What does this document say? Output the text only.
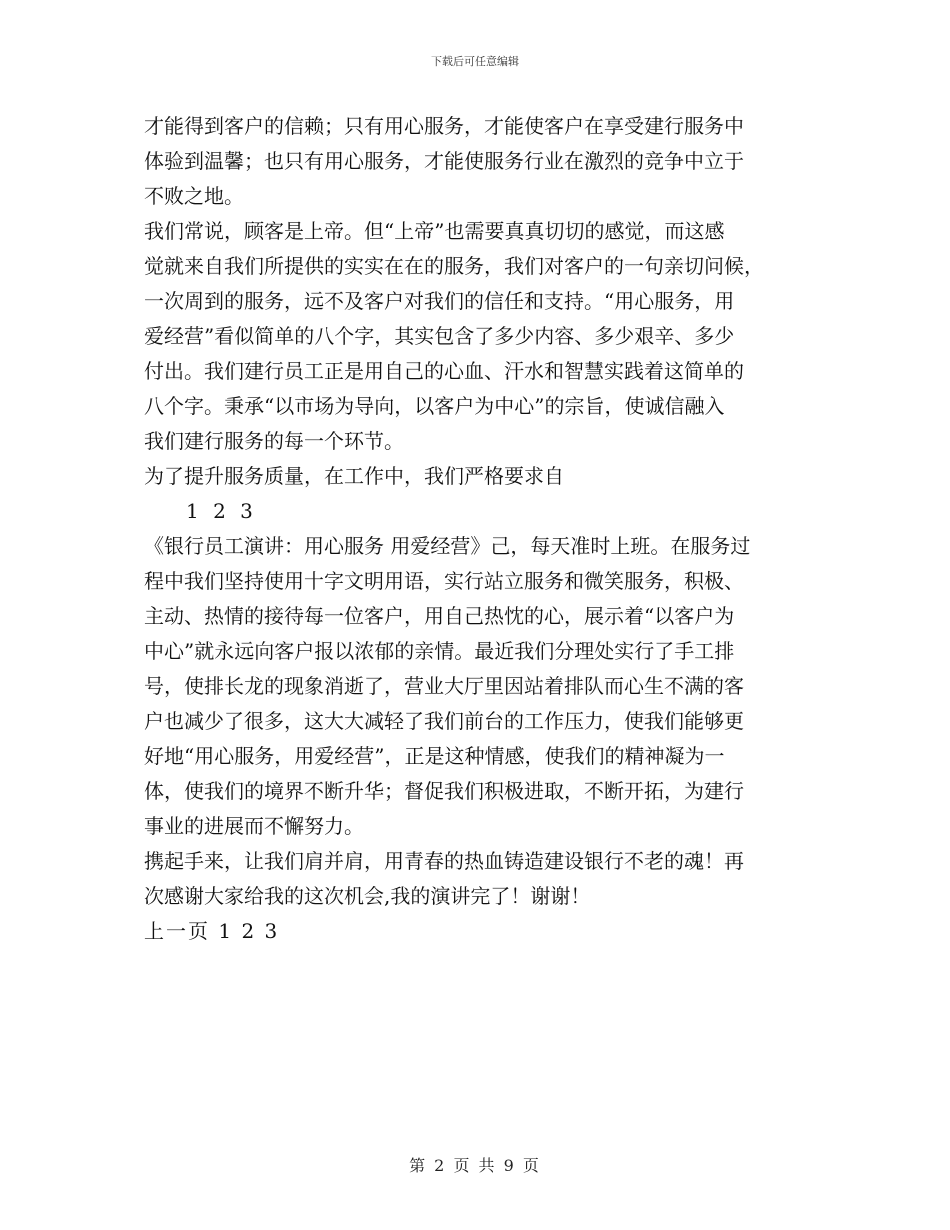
下载后可任意编辑
才能得到客户的信赖；只有用心服务，才能使客户在享受建行服务中
体验到温馨；也只有用心服务，才能使服务行业在激烈的竞争中立于
不败之地。
我们常说，顾客是上帝。但“上帝”也需要真真切切的感觉，而这感
觉就来自我们所提供的实实在在的服务，我们对客户的一句亲切问候，
一次周到的服务，远不及客户对我们的信任和支持。“用心服务，用
爱经营”看似简单的八个字，其实包含了多少内容、多少艰辛、多少
付出。我们建行员工正是用自己的心血、汗水和智慧实践着这简单的
八个字。秉承“以市场为导向，以客户为中心”的宗旨，使诚信融入
我们建行服务的每一个环节。
为了提升服务质量，在工作中，我们严格要求自
1 2 3
《银行员工演讲：用心服务 用爱经营》己，每天准时上班。在服务过
程中我们坚持使用十字文明用语，实行站立服务和微笑服务，积极、
主动、热情的接待每一位客户，用自己热忱的心，展示着“以客户为
中心”就永远向客户报以浓郁的亲情。最近我们分理处实行了手工排
号，使排长龙的现象消逝了，营业大厅里因站着排队而心生不满的客
户也减少了很多，这大大减轻了我们前台的工作压力，使我们能够更
好地“用心服务，用爱经营”，正是这种情感，使我们的精神凝为一
体，使我们的境界不断升华；督促我们积极进取，不断开拓，为建行
事业的进展而不懈努力。
携起手来，让我们肩并肩，用青春的热血铸造建设银行不老的魂！再
次感谢大家给我的这次机会,我的演讲完了！谢谢！
上一页 1 2 3
第 2 页 共 9 页
